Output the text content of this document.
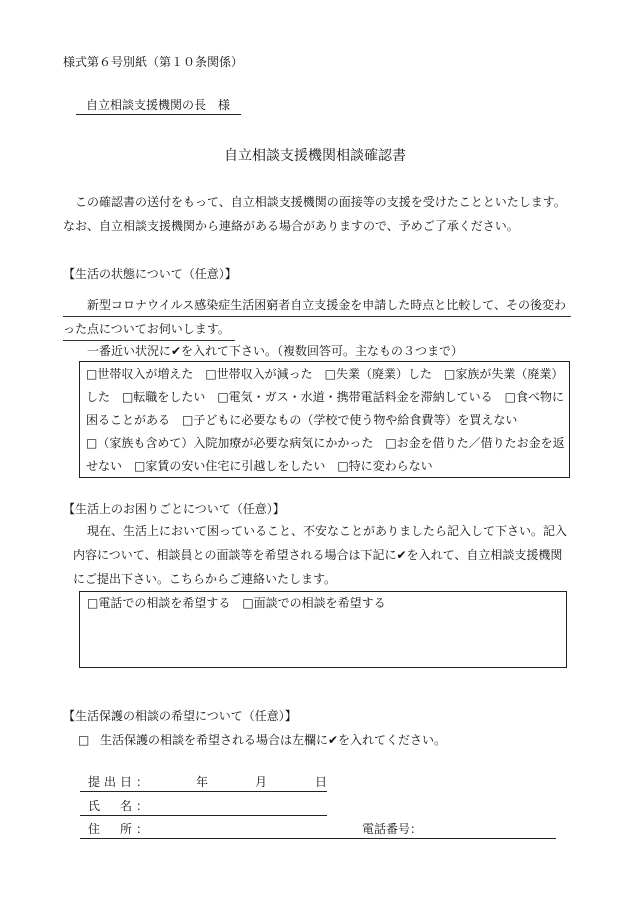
様式第６号別紙（第１０条関係）
自立相談支援機関の長　様
自立相談支援機関相談確認書

この確認書の送付をもって、自立相談支援機関の面接等の支援を受けたことといたします。

なお、自立相談支援機関から連絡がある場合がありますので、予めご了承ください。

【生活の状態について（任意）】
新型コロナウイルス感染症生活困窮者自立支援金を申請した時点と比較して、その後変わ
った点についてお伺いします。
一番近い状況に✔を入れて下さい。（複数回答可。主なもの３つまで）
□世帯収入が増えた　□世帯収入が減った　□失業（廃業）した　□家族が失業（廃業）
した　□転職をしたい　□電気・ガス・水道・携帯電話料金を滞納している　□食べ物に
困ることがある　□子どもに必要なもの（学校で使う物や給食費等）を買えない
□（家族も含めて）入院加療が必要な病気にかかった　□お金を借りた／借りたお金を返
せない　□家賃の安い住宅に引越しをしたい　□特に変わらない
【生活上のお困りごとについて（任意）】
現在、生活上において困っていること、不安なことがありましたら記入して下さい。記入
内容について、相談員との面談等を希望される場合は下記に✔を入れて、自立相談支援機関
にご提出下さい。こちらからご連絡いたします。
□電話での相談を希望する　□面談での相談を希望する
【生活保護の相談の希望について（任意）】
□ 生活保護の相談を希望される場合は左欄に✔を入れてください。
提出日：	年	月	日
氏　名：
住　所：	電話番号：
